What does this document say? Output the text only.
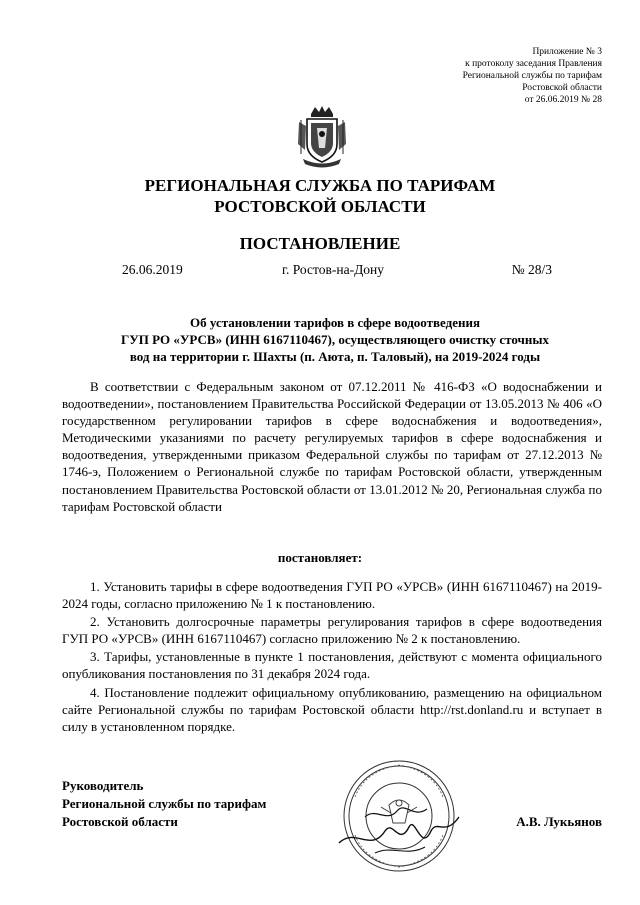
Приложение № 3
к протоколу заседания Правления
Региональной службы по тарифам
Ростовской области
от 26.06.2019 № 28
РЕГИОНАЛЬНАЯ СЛУЖБА ПО ТАРИФАМ
РОСТОВСКОЙ ОБЛАСТИ
ПОСТАНОВЛЕНИЕ
26.06.2019	г. Ростов-на-Дону	№ 28/3
Об установлении тарифов в сфере водоотведения
ГУП РО «УРСВ» (ИНН 6167110467), осуществляющего очистку сточных
вод на территории г. Шахты (п. Аюта, п. Таловый), на 2019-2024 годы
В соответствии с Федеральным законом от 07.12.2011 № 416-ФЗ «О водоснабжении и водоотведении», постановлением Правительства Российской Федерации от 13.05.2013 № 406 «О государственном регулировании тарифов в сфере водоснабжения и водоотведения», Методическими указаниями по расчету регулируемых тарифов в сфере водоснабжения и водоотведения, утвержденными приказом Федеральной службы по тарифам от 27.12.2013 № 1746-э, Положением о Региональной службе по тарифам Ростовской области, утвержденным постановлением Правительства Ростовской области от 13.01.2012 № 20, Региональная служба по тарифам Ростовской области
постановляет:

1. Установить тарифы в сфере водоотведения ГУП РО «УРСВ» (ИНН 6167110467) на 2019-2024 годы, согласно приложению № 1 к постановлению.

2. Установить долгосрочные параметры регулирования тарифов в сфере водоотведения ГУП РО «УРСВ» (ИНН 6167110467) согласно приложению № 2 к постановлению.

3. Тарифы, установленные в пункте 1 постановления, действуют с момента официального опубликования постановления по 31 декабря 2024 года.

4. Постановление подлежит официальному опубликованию, размещению на официальном сайте Региональной службы по тарифам Ростовской области http://rst.donland.ru и вступает в силу в установленном порядке.

Руководитель
Региональной службы по тарифам
Ростовской области	А.В. Лукьянов
